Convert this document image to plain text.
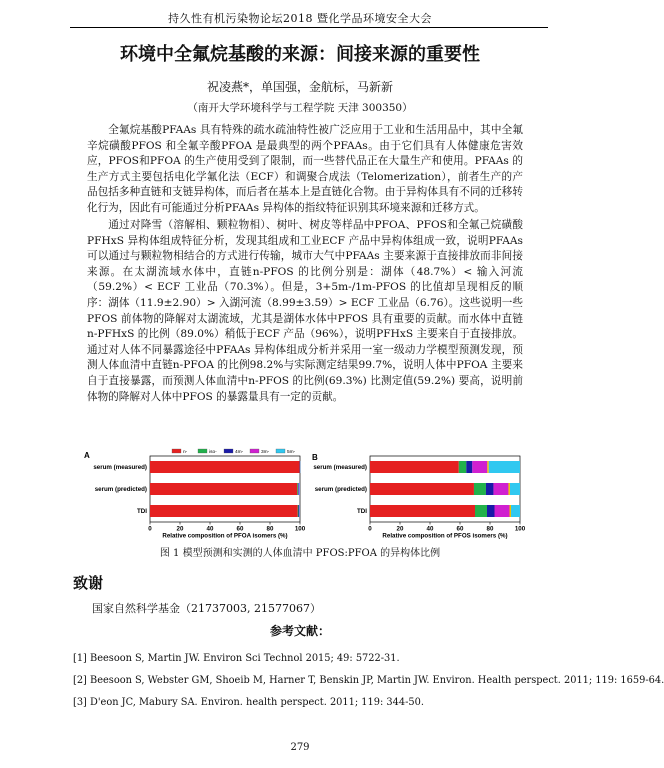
持久性有机污染物论坛2018 暨化学品环境安全大会
环境中全氟烷基酸的来源：间接来源的重要性
祝凌燕*，单国强，金航标，马新新
（南开大学环境科学与工程学院 天津 300350）

全氟烷基酸PFAAs 具有特殊的疏水疏油特性被广泛应用于工业和生活用品中，其中全氟辛烷磺酸PFOS 和全氟辛酸PFOA 是最典型的两个PFAAs。由于它们具有人体健康危害效应，PFOS和PFOA 的生产使用受到了限制，而一些替代品正在大量生产和使用。PFAAs 的生产方式主要包括电化学氟化法（ECF）和调聚合成法（Telomerization），前者生产的产品包括多种直链和支链异构体，而后者在基本上是直链化合物。由于异构体具有不同的迁移转化行为，因此有可能通过分析PFAAs 异构体的指纹特征识别其环境来源和迁移方式。

通过对降雪（溶解相、颗粒物相）、树叶、树皮等样品中PFOA、PFOS和全氟己烷磺酸PFHxS 异构体组成特征分析，发现其组成和工业ECF 产品中异构体组成一致，说明PFAAs 可以通过与颗粒物相结合的方式进行传输，城市大气中PFAAs 主要来源于直接排放而非间接来源。在太湖流域水体中，直链n-PFOS 的比例分别是：湖体（48.7%）< 输入河流（59.2%）< ECF 工业品（70.3%）。但是，3+5m-/1m-PFOS 的比值却呈现相反的顺序：湖体（11.9±2.90）> 入湖河流（8.99±3.59）> ECF 工业品（6.76）。这些说明一些PFOS 前体物的降解对太湖流域，尤其是湖体水体中PFOS 具有重要的贡献。而水体中直链n-PFHxS 的比例（89.0%）稍低于ECF 产品（96%），说明PFHxS 主要来自于直接排放。通过对人体不同暴露途径中PFAAs 异构体组成分析并采用一室一级动力学模型预测发现，预测人体血清中直链n-PFOA 的比例98.2%与实际测定结果99.7%，说明人体中PFOA 主要来自于直接暴露，而预测人体血清中n-PFOS 的比例(69.3%) 比测定值(59.2%) 要高，说明前体物的降解对人体中PFOS 的暴露量具有一定的贡献。

A	B
serum (measured)
serum (predicted)
TDI
0	20	40	60	80	100
Relative composition of PFOA isomers (%)
n-	iso-	4m-	3m-	5m-
serum (measured)
serum (predicted)
TDI
0	20	40	60	80	100
Relative composition of PFOS isomers (%)
图 1 模型预测和实测的人体血清中 PFOS:PFOA 的异构体比例
致谢
国家自然科学基金（21737003, 21577067）
参考文献：
[1] Beesoon S, Martin JW. Environ Sci Technol 2015; 49: 5722-31.
[2] Beesoon S, Webster GM, Shoeib M, Harner T, Benskin JP, Martin JW. Environ. Health perspect. 2011; 119: 1659-64.
[3] D'eon JC, Mabury SA. Environ. health perspect. 2011; 119: 344-50.
279
